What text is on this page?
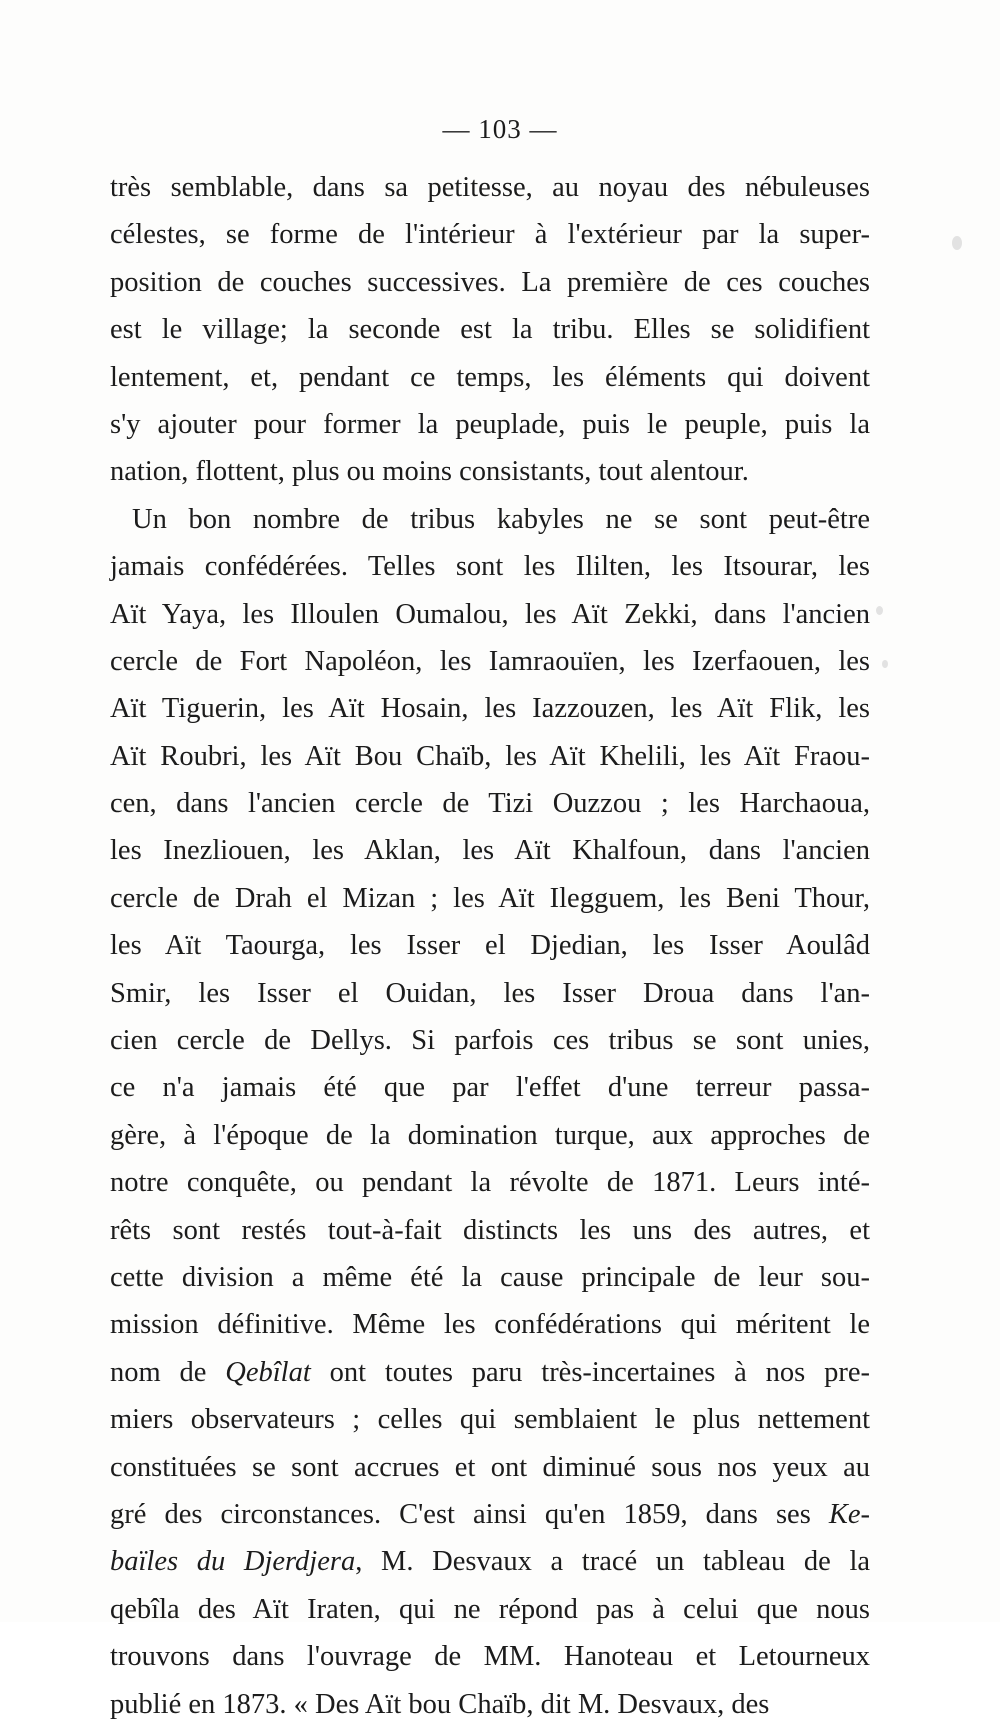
— 103 —
très semblable, dans sa petitesse, au noyau des nébuleuses
célestes, se forme de l'intérieur à l'extérieur par la super-
position de couches successives. La première de ces couches
est le village; la seconde est la tribu. Elles se solidifient
lentement, et, pendant ce temps, les éléments qui doivent
s'y ajouter pour former la peuplade, puis le peuple, puis la
nation, flottent, plus ou moins consistants, tout alentour.
Un bon nombre de tribus kabyles ne se sont peut-être
jamais confédérées. Telles sont les Ililten, les Itsourar, les
Aït Yaya, les Illoulen Oumalou, les Aït Zekki, dans l'ancien
cercle de Fort Napoléon, les Iamraouïen, les Izerfaouen, les
Aït Tiguerin, les Aït Hosain, les Iazzouzen, les Aït Flik, les
Aït Roubri, les Aït Bou Chaïb, les Aït Khelili, les Aït Fraou-
cen, dans l'ancien cercle de Tizi Ouzzou ; les Harchaoua,
les Inezliouen, les Aklan, les Aït Khalfoun, dans l'ancien
cercle de Drah el Mizan ; les Aït Ilegguem, les Beni Thour,
les Aït Taourga, les Isser el Djedian, les Isser Aoulâd
Smir, les Isser el Ouidan, les Isser Droua dans l'an-
cien cercle de Dellys. Si parfois ces tribus se sont unies,
ce n'a jamais été que par l'effet d'une terreur passa-
gère, à l'époque de la domination turque, aux approches de
notre conquête, ou pendant la révolte de 1871. Leurs inté-
rêts sont restés tout-à-fait distincts les uns des autres, et
cette division a même été la cause principale de leur sou-
mission définitive. Même les confédérations qui méritent le
nom de Qebîlat ont toutes paru très-incertaines à nos pre-
miers observateurs ; celles qui semblaient le plus nettement
constituées se sont accrues et ont diminué sous nos yeux au
gré des circonstances. C'est ainsi qu'en 1859, dans ses Ke-
baïles du Djerdjera, M. Desvaux a tracé un tableau de la
qebîla des Aït Iraten, qui ne répond pas à celui que nous
trouvons dans l'ouvrage de MM. Hanoteau et Letourneux
publié en 1873. « Des Aït bou Chaïb, dit M. Desvaux, des
